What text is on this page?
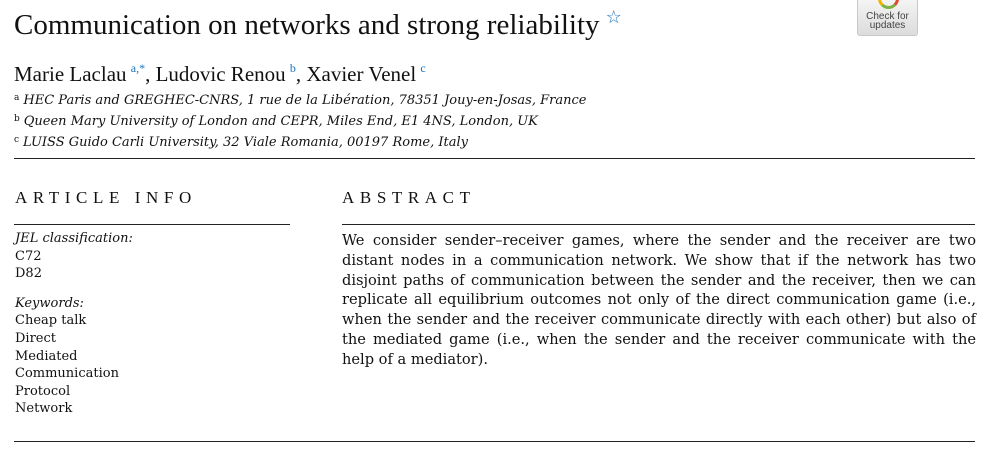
Communication on networks and strong reliability ☆	Check for
updates
Marie Laclau  $^{a,*}$, Ludovic Renou  $^b$, Xavier Venel  $^c$
$^a$ HEC Paris and GREGHEC-CNRS, 1 rue de la Libération, 78351 Jouy-en-Josas, France
$^b$ Queen Mary University of London and CEPR, Miles End, E1 4NS, London, UK
$^c$ LUISS Guido Carli University, 32 Viale Romania, 00197 Rome, Italy
ARTICLE INFO	ABSTRACT
JEL classification:
C72
D82
Keywords:
Cheap talk
Direct
Mediated
Communication
Protocol
Network
We consider sender–receiver games, where the sender and the receiver are two distant nodes in a communication network. We show that if the network has two disjoint paths of communication between the sender and the receiver, then we can replicate all equilibrium outcomes not only of the direct communication game (i.e., when the sender and the receiver communicate directly with each other) but also of the mediated game (i.e., when the sender and the receiver communicate with the help of a mediator).
